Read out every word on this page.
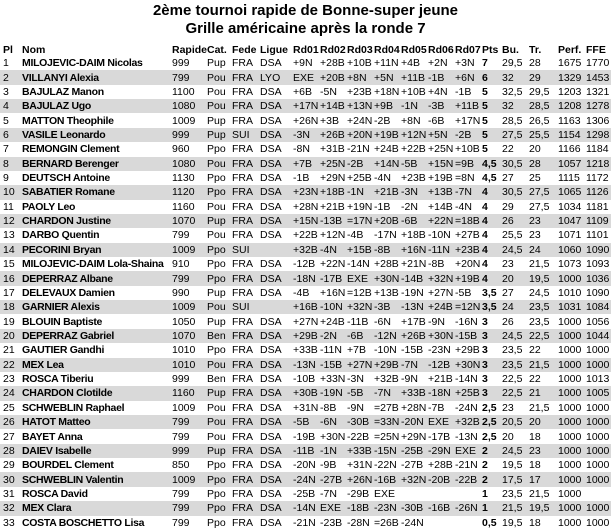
2ème tournoi rapide de Bonne-super jeune
Grille américaine après la ronde 7
Pl	Nom	Rapide	Cat.	Fede	Ligue	Rd01	Rd02	Rd03	Rd04	Rd05	Rd06	Rd07	Pts	Bu.	Tr.	Perf.	FFE
1	MILOJEVIC-DAIM Nicolas	999	Pup	FRA	DSA	+9N	+28B	+10B	+11N	+4B	+2N	+3N	7	29,5	28	1675	1770
2	VILLANYI Alexia	799	Pou	FRA	LYO	EXE	+20B	+8N	+5N	+11B	-1B	+6N	6	32	29	1329	1453
3	BAJULAZ Manon	1100	Pou	FRA	DSA	+6B	-5N	+23B	+18N	+10B	+4N	-1B	5	32,5	29,5	1203	1321
4	BAJULAZ Ugo	1080	Pou	FRA	DSA	+17N	+14B	+13N	+9B	-1N	-3B	+11B	5	32	28,5	1208	1278
5	MATTON Theophile	1009	Pup	FRA	DSA	+26N	+3B	+24N	-2B	+8N	-6B	+17N	5	28,5	26,5	1163	1306
6	VASILE Leonardo	999	Pup	SUI	DSA	-3N	+26B	+20N	+19B	+12N	+5N	-2B	5	27,5	25,5	1154	1298
7	REMONGIN Clement	960	Ppo	FRA	DSA	-8N	+31B	-21N	+24B	+22B	+25N	+10B	5	22	20	1166	1184
8	BERNARD Berenger	1080	Pou	FRA	DSA	+7B	+25N	-2B	+14N	-5B	+15N	=9B	4,5	30,5	28	1057	1218
9	DEUTSCH Antoine	1130	Ppo	FRA	DSA	-1B	+29N	+25B	-4N	+23B	+19B	=8N	4,5	27	25	1115	1172
10	SABATIER Romane	1120	Ppo	FRA	DSA	+23N	+18B	-1N	+21B	-3N	+13B	-7N	4	30,5	27,5	1065	1126
11	PAOLY Leo	1160	Pou	FRA	DSA	+28N	+21B	+19N	-1B	-2N	+14B	-4N	4	29	27,5	1034	1181
12	CHARDON Justine	1070	Pup	FRA	DSA	+15N	-13B	=17N	+20B	-6B	+22N	=18B	4	26	23	1047	1109
13	DARBO Quentin	799	Pou	FRA	DSA	+22B	+12N	-4B	-17N	+18B	-10N	+27B	4	25,5	23	1071	1101
14	PECORINI Bryan	1009	Ppo	SUI		+32B	-4N	+15B	-8B	+16N	-11N	+23B	4	24,5	24	1060	1090
15	MILOJEVIC-DAIM Lola-Shaina	910	Ppo	FRA	DSA	-12B	+22N	-14N	+28B	+21N	-8B	+20N	4	23	21,5	1073	1093
16	DEPERRAZ Albane	799	Ppo	FRA	DSA	-18N	-17B	EXE	+30N	-14B	+32N	+19B	4	20	19,5	1000	1036
17	DELEVAUX Damien	990	Pup	FRA	DSA	-4B	+16N	=12B	+13B	-19N	+27N	-5B	3,5	27	24,5	1010	1090
18	GARNIER Alexis	1009	Pou	SUI		+16B	-10N	+32N	-3B	-13N	+24B	=12N	3,5	24	23,5	1031	1084
19	BLOUIN Baptiste	1050	Pup	FRA	DSA	+27N	+24B	-11B	-6N	+17B	-9N	-16N	3	26	23,5	1000	1056
20	DEPERRAZ Gabriel	1070	Ben	FRA	DSA	+29B	-2N	-6B	-12N	+26B	+30N	-15B	3	24,5	22,5	1000	1044
21	GAUTIER Gandhi	1010	Ppo	FRA	DSA	+33B	-11N	+7B	-10N	-15B	-23N	+29B	3	23,5	22	1000	1000
22	MEX Lea	1010	Pou	FRA	DSA	-13N	-15B	+27N	+29B	-7N	-12B	+30N	3	23,5	21,5	1000	1000
23	ROSCA Tiberiu	999	Ben	FRA	DSA	-10B	+33N	-3N	+32B	-9N	+21B	-14N	3	22,5	22	1000	1013
24	CHARDON Clotilde	1160	Pup	FRA	DSA	+30B	-19N	-5B	-7N	+33B	-18N	+25B	3	22,5	21	1000	1005
25	SCHWEBLIN Raphael	1009	Pou	FRA	DSA	+31N	-8B	-9N	=27B	+28N	-7B	-24N	2,5	23	21,5	1000	1000
26	HATOT Matteo	799	Pou	FRA	DSA	-5B	-6N	-30B	=33N	-20N	EXE	+32B	2,5	20,5	20	1000	1000
27	BAYET Anna	799	Pou	FRA	DSA	-19B	+30N	-22B	=25N	+29N	-17B	-13N	2,5	20	18	1000	1000
28	DAIEV Isabelle	999	Pup	FRA	DSA	-11B	-1N	+33B	-15N	-25B	-29N	EXE	2	24,5	23	1000	1000
29	BOURDEL Clement	850	Ppo	FRA	DSA	-20N	-9B	+31N	-22N	-27B	+28B	-21N	2	19,5	18	1000	1000
30	SCHWEBLIN Valentin	1009	Ppo	FRA	DSA	-24N	-27B	+26N	-16B	+32N	-20B	-22B	2	17,5	17	1000	1000
31	ROSCA David	799	Ppo	FRA	DSA	-25B	-7N	-29B	EXE				1	23,5	21,5	1000	
32	MEX Clara	799	Ppo	FRA	DSA	-14N	EXE	-18B	-23N	-30B	-16B	-26N	1	21,5	19,5	1000	1000
33	COSTA BOSCHETTO Lisa	799	Ppo	FRA	DSA	-21N	-23B	-28N	=26B	-24N			0,5	19,5	18	1000	1000
